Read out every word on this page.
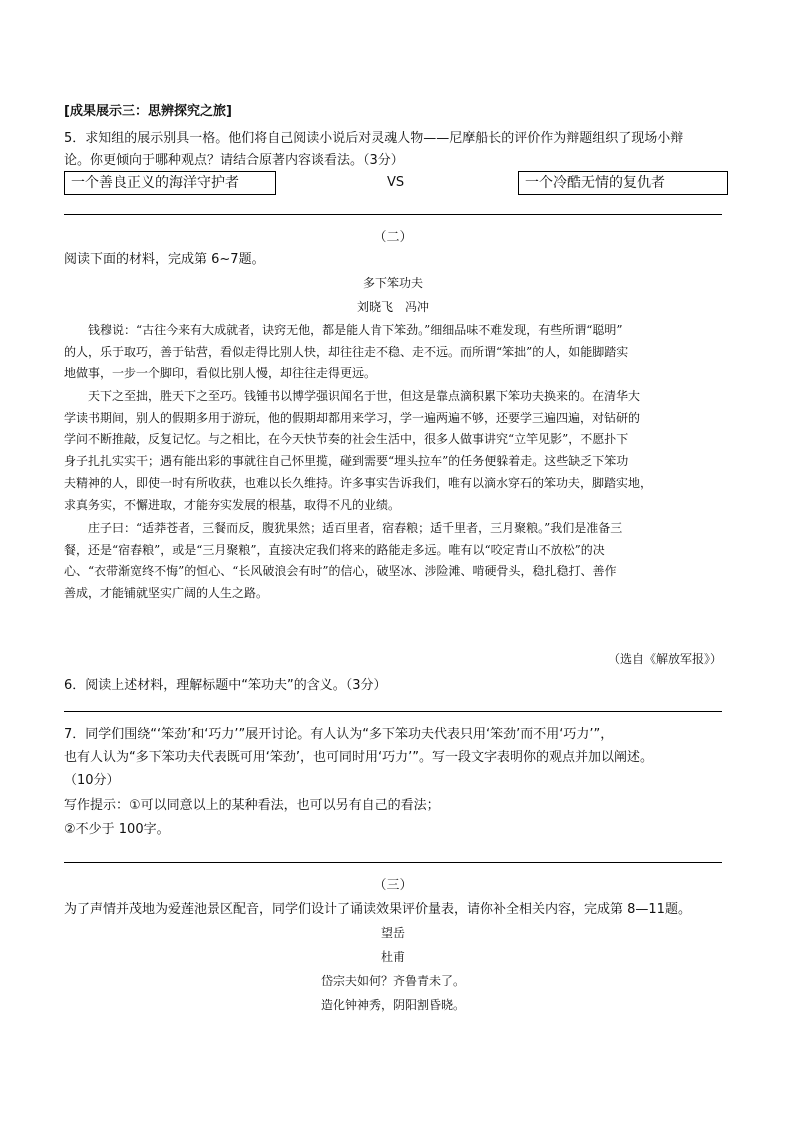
[成果展示三：思辨探究之旅]
5．求知组的展示别具一格。他们将自己阅读小说后对灵魂人物——尼摩船长的评价作为辩题组织了现场小辩
论。你更倾向于哪种观点？请结合原著内容谈看法。（3分）
一个善良正义的海洋守护者	VS	一个冷酷无情的复仇者
（二）
阅读下面的材料，完成第 6~7题。
多下笨功夫
刘晓飞　冯冲

钱穆说：“古往今来有大成就者，诀窍无他，都是能人肯下笨劲。”细细品味不难发现，有些所谓“聪明”

的人，乐于取巧，善于钻营，看似走得比别人快，却往往走不稳、走不远。而所谓“笨拙”的人，如能脚踏实

地做事，一步一个脚印，看似比别人慢，却往往走得更远。

天下之至拙，胜天下之至巧。钱锺书以博学强识闻名于世，但这是靠点滴积累下笨功夫换来的。在清华大

学读书期间，别人的假期多用于游玩，他的假期却都用来学习，学一遍两遍不够，还要学三遍四遍，对钻研的

学问不断推敲，反复记忆。与之相比，在今天快节奏的社会生活中，很多人做事讲究“立竿见影”，不愿扑下

身子扎扎实实干；遇有能出彩的事就往自己怀里揽，碰到需要“埋头拉车”的任务便躲着走。这些缺乏下笨功

夫精神的人，即使一时有所收获，也难以长久维持。许多事实告诉我们，唯有以滴水穿石的笨功夫，脚踏实地，

求真务实，不懈进取，才能夯实发展的根基，取得不凡的业绩。

庄子曰：“适莽苍者，三餐而反，腹犹果然；适百里者，宿舂粮；适千里者，三月聚粮。”我们是准备三

餐，还是“宿舂粮”，或是“三月聚粮”，直接决定我们将来的路能走多远。唯有以“咬定青山不放松”的决

心、“衣带渐宽终不悔”的恒心、“长风破浪会有时”的信心，破坚冰、涉险滩、啃硬骨头，稳扎稳打、善作

善成，才能铺就坚实广阔的人生之路。

（选自《解放军报》）
6．阅读上述材料，理解标题中“笨功夫”的含义。（3分）
7．同学们围绕“‘笨劲’和‘巧力’”展开讨论。有人认为“多下笨功夫代表只用‘笨劲’而不用‘巧力’”，
也有人认为“多下笨功夫代表既可用‘笨劲’，也可同时用‘巧力’”。写一段文字表明你的观点并加以阐述。
（10分）
写作提示：①可以同意以上的某种看法，也可以另有自己的看法；
②不少于 100字。
（三）
为了声情并茂地为爱莲池景区配音，同学们设计了诵读效果评价量表，请你补全相关内容，完成第 8—11题。
望岳
杜甫
岱宗夫如何？齐鲁青未了。
造化钟神秀，阴阳割昏晓。
